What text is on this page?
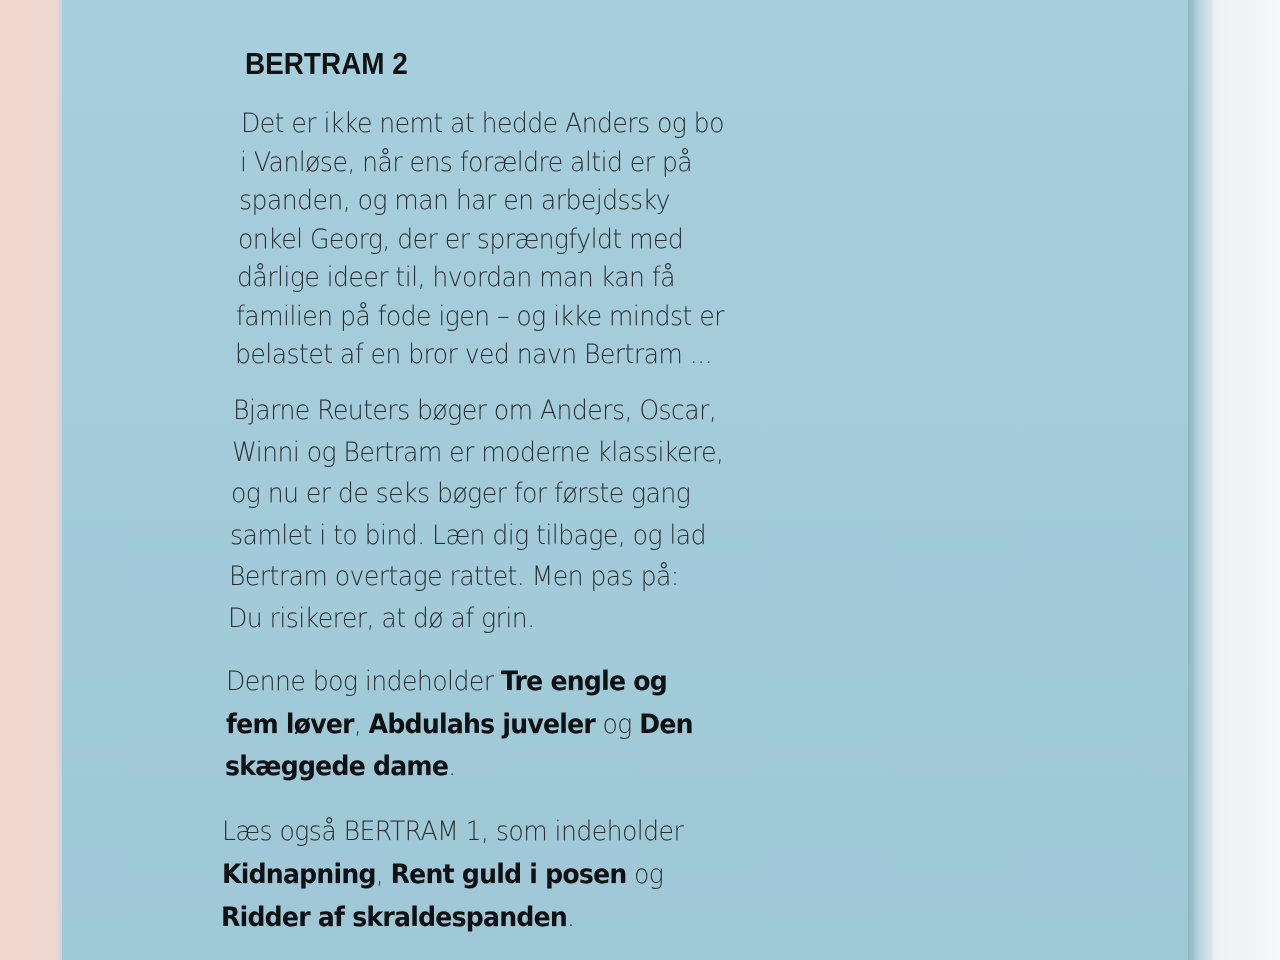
BERTRAM 2
Det er ikke nemt at hedde Anders og bo
i Vanløse, når ens forældre altid er på
spanden, og man har en arbejdssky
onkel Georg, der er sprængfyldt med
dårlige ideer til, hvordan man kan få
familien på fode igen – og ikke mindst er
belastet af en bror ved navn Bertram ...
Bjarne Reuters bøger om Anders, Oscar,
Winni og Bertram er moderne klassikere,
og nu er de seks bøger for første gang
samlet i to bind. Læn dig tilbage, og lad
Bertram overtage rattet. Men pas på:
Du risikerer, at dø af grin.
Denne bog indeholder Tre engle og
fem løver, Abdulahs juveler og Den
skæggede dame.
Læs også BERTRAM 1, som indeholder
Kidnapning, Rent guld i posen og
Ridder af skraldespanden.
